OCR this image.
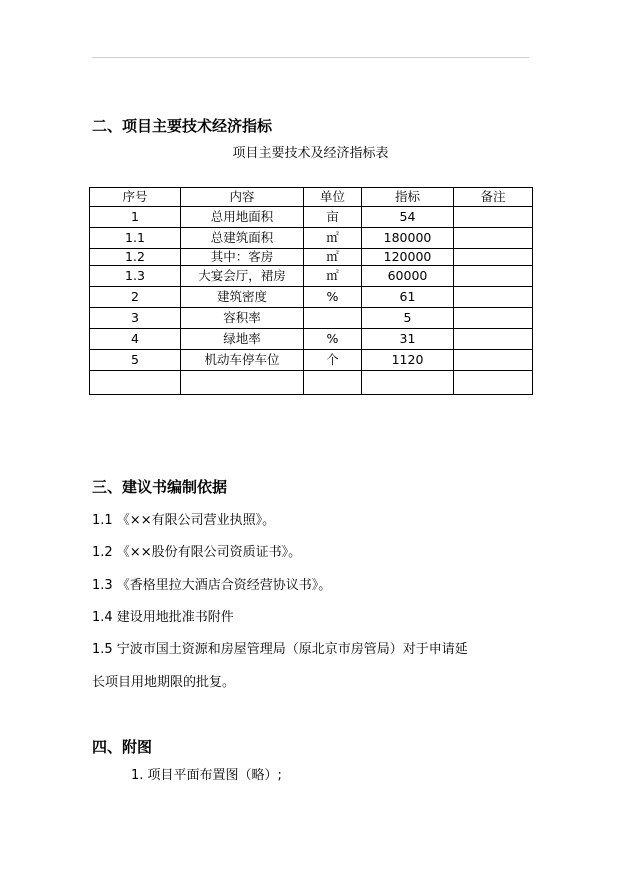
二、项目主要技术经济指标
项目主要技术及经济指标表
序号	内容	单位	指标	备注
1	总用地面积	亩	54	
1.1	总建筑面积	㎡	180000	
1.2	其中：客房	㎡	120000	
1.3	大宴会厅，裙房	㎡	60000	
2	建筑密度	%	61	
3	容积率		5	
4	绿地率	%	31	
5	机动车停车位	个	1120	

三、建议书编制依据
1.1 《××有限公司营业执照》。
1.2 《××股份有限公司资质证书》。
1.3 《香格里拉大酒店合资经营协议书》。
1.4 建设用地批准书附件
1.5 宁波市国土资源和房屋管理局（原北京市房管局）对于申请延
长项目用地期限的批复。
四、附图
1. 项目平面布置图（略）;
